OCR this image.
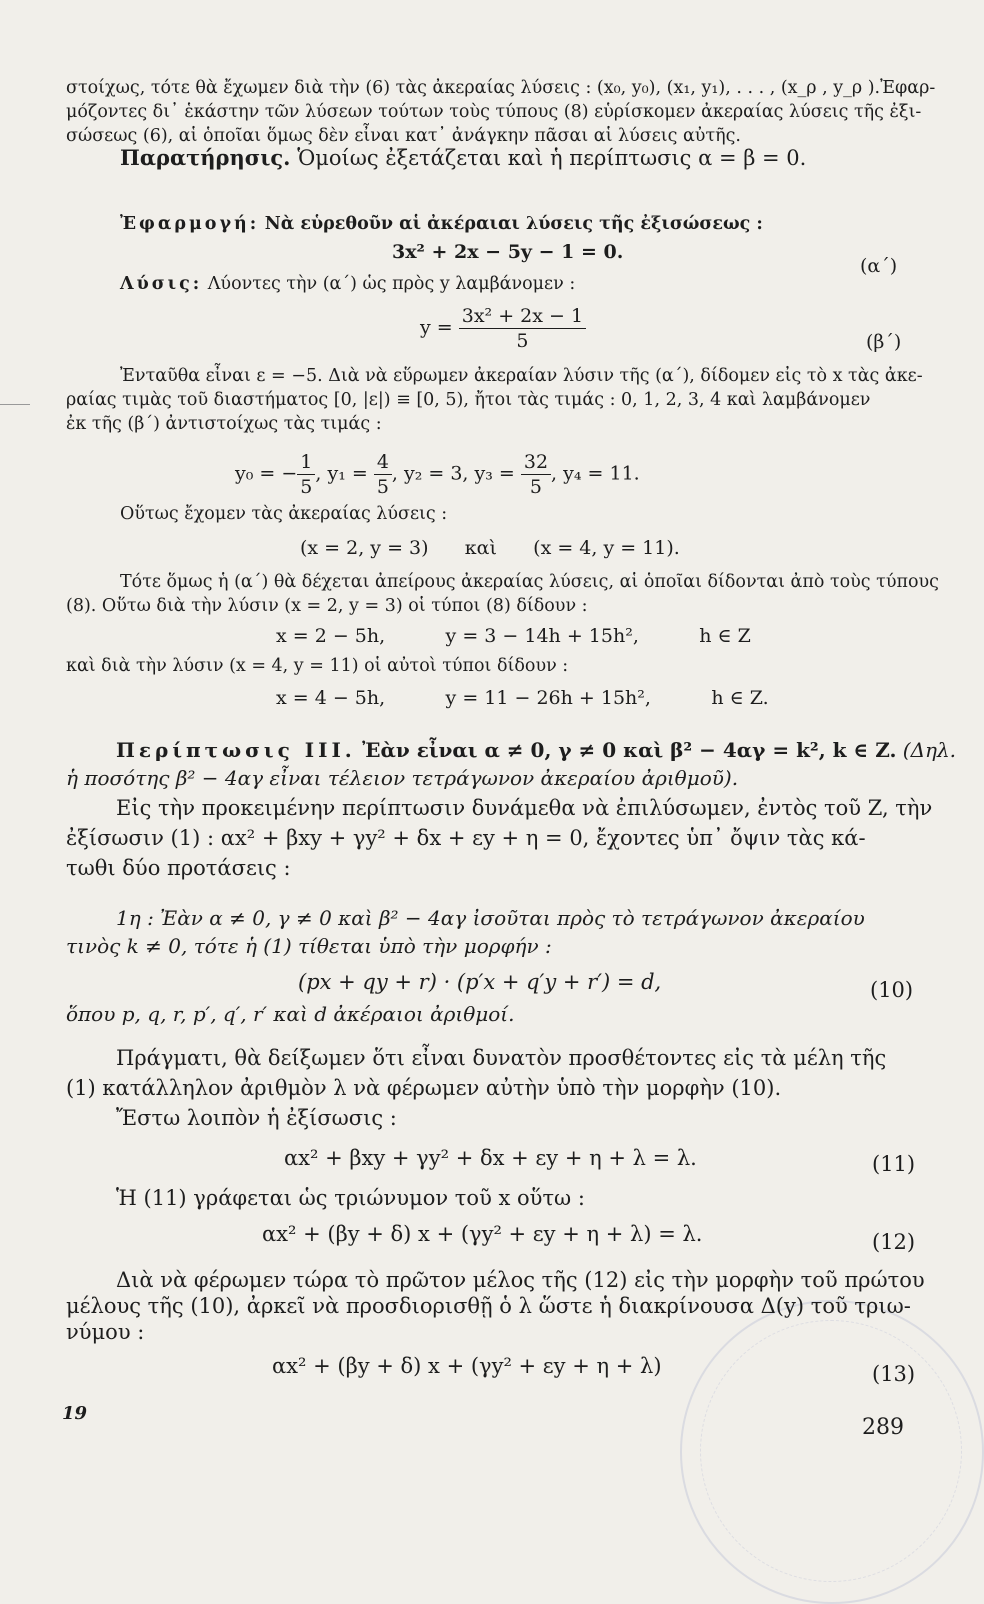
στοίχως, τότε θὰ ἔχωμεν διὰ τὴν (6) τὰς ἀκεραίας λύσεις : (x₀, y₀), (x₁, y₁), . . . , (x_ρ , y_ρ ).Ἐφαρ-
μόζοντες δι᾿ ἑκάστην τῶν λύσεων τούτων τοὺς τύπους (8) εὑρίσκομεν ἀκεραίας λύσεις τῆς ἐξι-
σώσεως (6), αἱ ὁποῖαι ὅμως δὲν εἶναι κατ᾿ ἀνάγκην πᾶσαι αἱ λύσεις αὐτῆς.
Παρατήρησις. Ὁμοίως ἐξετάζεται καὶ ἡ περίπτωσις α = β = 0.
Ἐφαρμογή: Νὰ εὑρεθοῦν αἱ ἀκέραιαι λύσεις τῆς ἐξισώσεως :
3x² + 2x − 5y − 1 = 0.
(α΄)
Λύσις: Λύοντες τὴν (α΄) ὡς πρὸς y λαμβάνομεν :
$y = \frac{\text{3x² + 2x − 1}}{5}$	(β΄)
Ἐνταῦθα εἶναι ε = −5. Διὰ νὰ εὕρωμεν ἀκεραίαν λύσιν τῆς (α΄), δίδομεν εἰς τὸ x τὰς ἀκε-
ραίας τιμὰς τοῦ διαστήματος [0, |ε|) ≡ [0, 5), ἤτοι τὰς τιμάς : 0, 1, 2, 3, 4 καὶ λαμβάνομεν
ἐκ τῆς (β΄) ἀντιστοίχως τὰς τιμάς :
y₀ = − $\frac{1}{5}$ , $y_1 = \frac{4}{5}$ , y₂ = 3, $y_3 = \frac{32}{5}$ , y₄ = 11.
Οὕτως ἔχομεν τὰς ἀκεραίας λύσεις :
(x = 2, y = 3)      καὶ      (x = 4, y = 11).
Τότε ὅμως ἡ (α΄) θὰ δέχεται ἀπείρους ἀκεραίας λύσεις, αἱ ὁποῖαι δίδονται ἀπὸ τοὺς τύπους
(8). Οὕτω διὰ τὴν λύσιν (x = 2, y = 3) οἱ τύποι (8) δίδουν :
x = 2 − 5h,          y = 3 − 14h + 15h²,          h ∈ Z
καὶ διὰ τὴν λύσιν (x = 4, y = 11) οἱ αὐτοὶ τύποι δίδουν :
x = 4 − 5h,          y = 11 − 26h + 15h²,          h ∈ Z.
Περίπτωσις III. Ἐὰν εἶναι α ≠ 0, γ ≠ 0 καὶ β² − 4αγ = k², k ∈ Z. (Δηλ.
ἡ ποσότης β² − 4αγ εἶναι τέλειον τετράγωνον ἀκεραίου ἀριθμοῦ).
Εἰς τὴν προκειμένην περίπτωσιν δυνάμεθα νὰ ἐπιλύσωμεν, ἐντὸς τοῦ Z, τὴν
ἐξίσωσιν (1) : αx² + βxy + γy² + δx + εy + η = 0, ἔχοντες ὑπ᾿ ὄψιν τὰς κά-
τωθι δύο προτάσεις :
1η : Ἐὰν α ≠ 0, γ ≠ 0 καὶ β² − 4αγ ἰσοῦται πρὸς τὸ τετράγωνον ἀκεραίου
τινὸς k ≠ 0, τότε ἡ (1) τίθεται ὑπὸ τὴν μορφήν :
(px + qy + r) · (p′x + q′y + r′) = d,	(10)
ὅπου p, q, r, p′, q′, r′ καὶ d ἀκέραιοι ἀριθμοί.
Πράγματι, θὰ δείξωμεν ὅτι εἶναι δυνατὸν προσθέτοντες εἰς τὰ μέλη τῆς
(1) κατάλληλον ἀριθμὸν λ νὰ φέρωμεν αὐτὴν ὑπὸ τὴν μορφὴν (10).
Ἔστω λοιπὸν ἡ ἐξίσωσις :
αx² + βxy + γy² + δx + εy + η + λ = λ.	(11)
Ἡ (11) γράφεται ὡς τριώνυμον τοῦ x οὕτω :
αx² + (βy + δ) x + (γy² + εy + η + λ) = λ.	(12)
Διὰ νὰ φέρωμεν τώρα τὸ πρῶτον μέλος τῆς (12) εἰς τὴν μορφὴν τοῦ πρώτου
μέλους τῆς (10), ἀρκεῖ νὰ προσδιορισθῇ ὁ λ ὥστε ἡ διακρίνουσα Δ(y) τοῦ τριω-
νύμου :
αx² + (βy + δ) x + (γy² + εy + η + λ)	(13)
19
289
